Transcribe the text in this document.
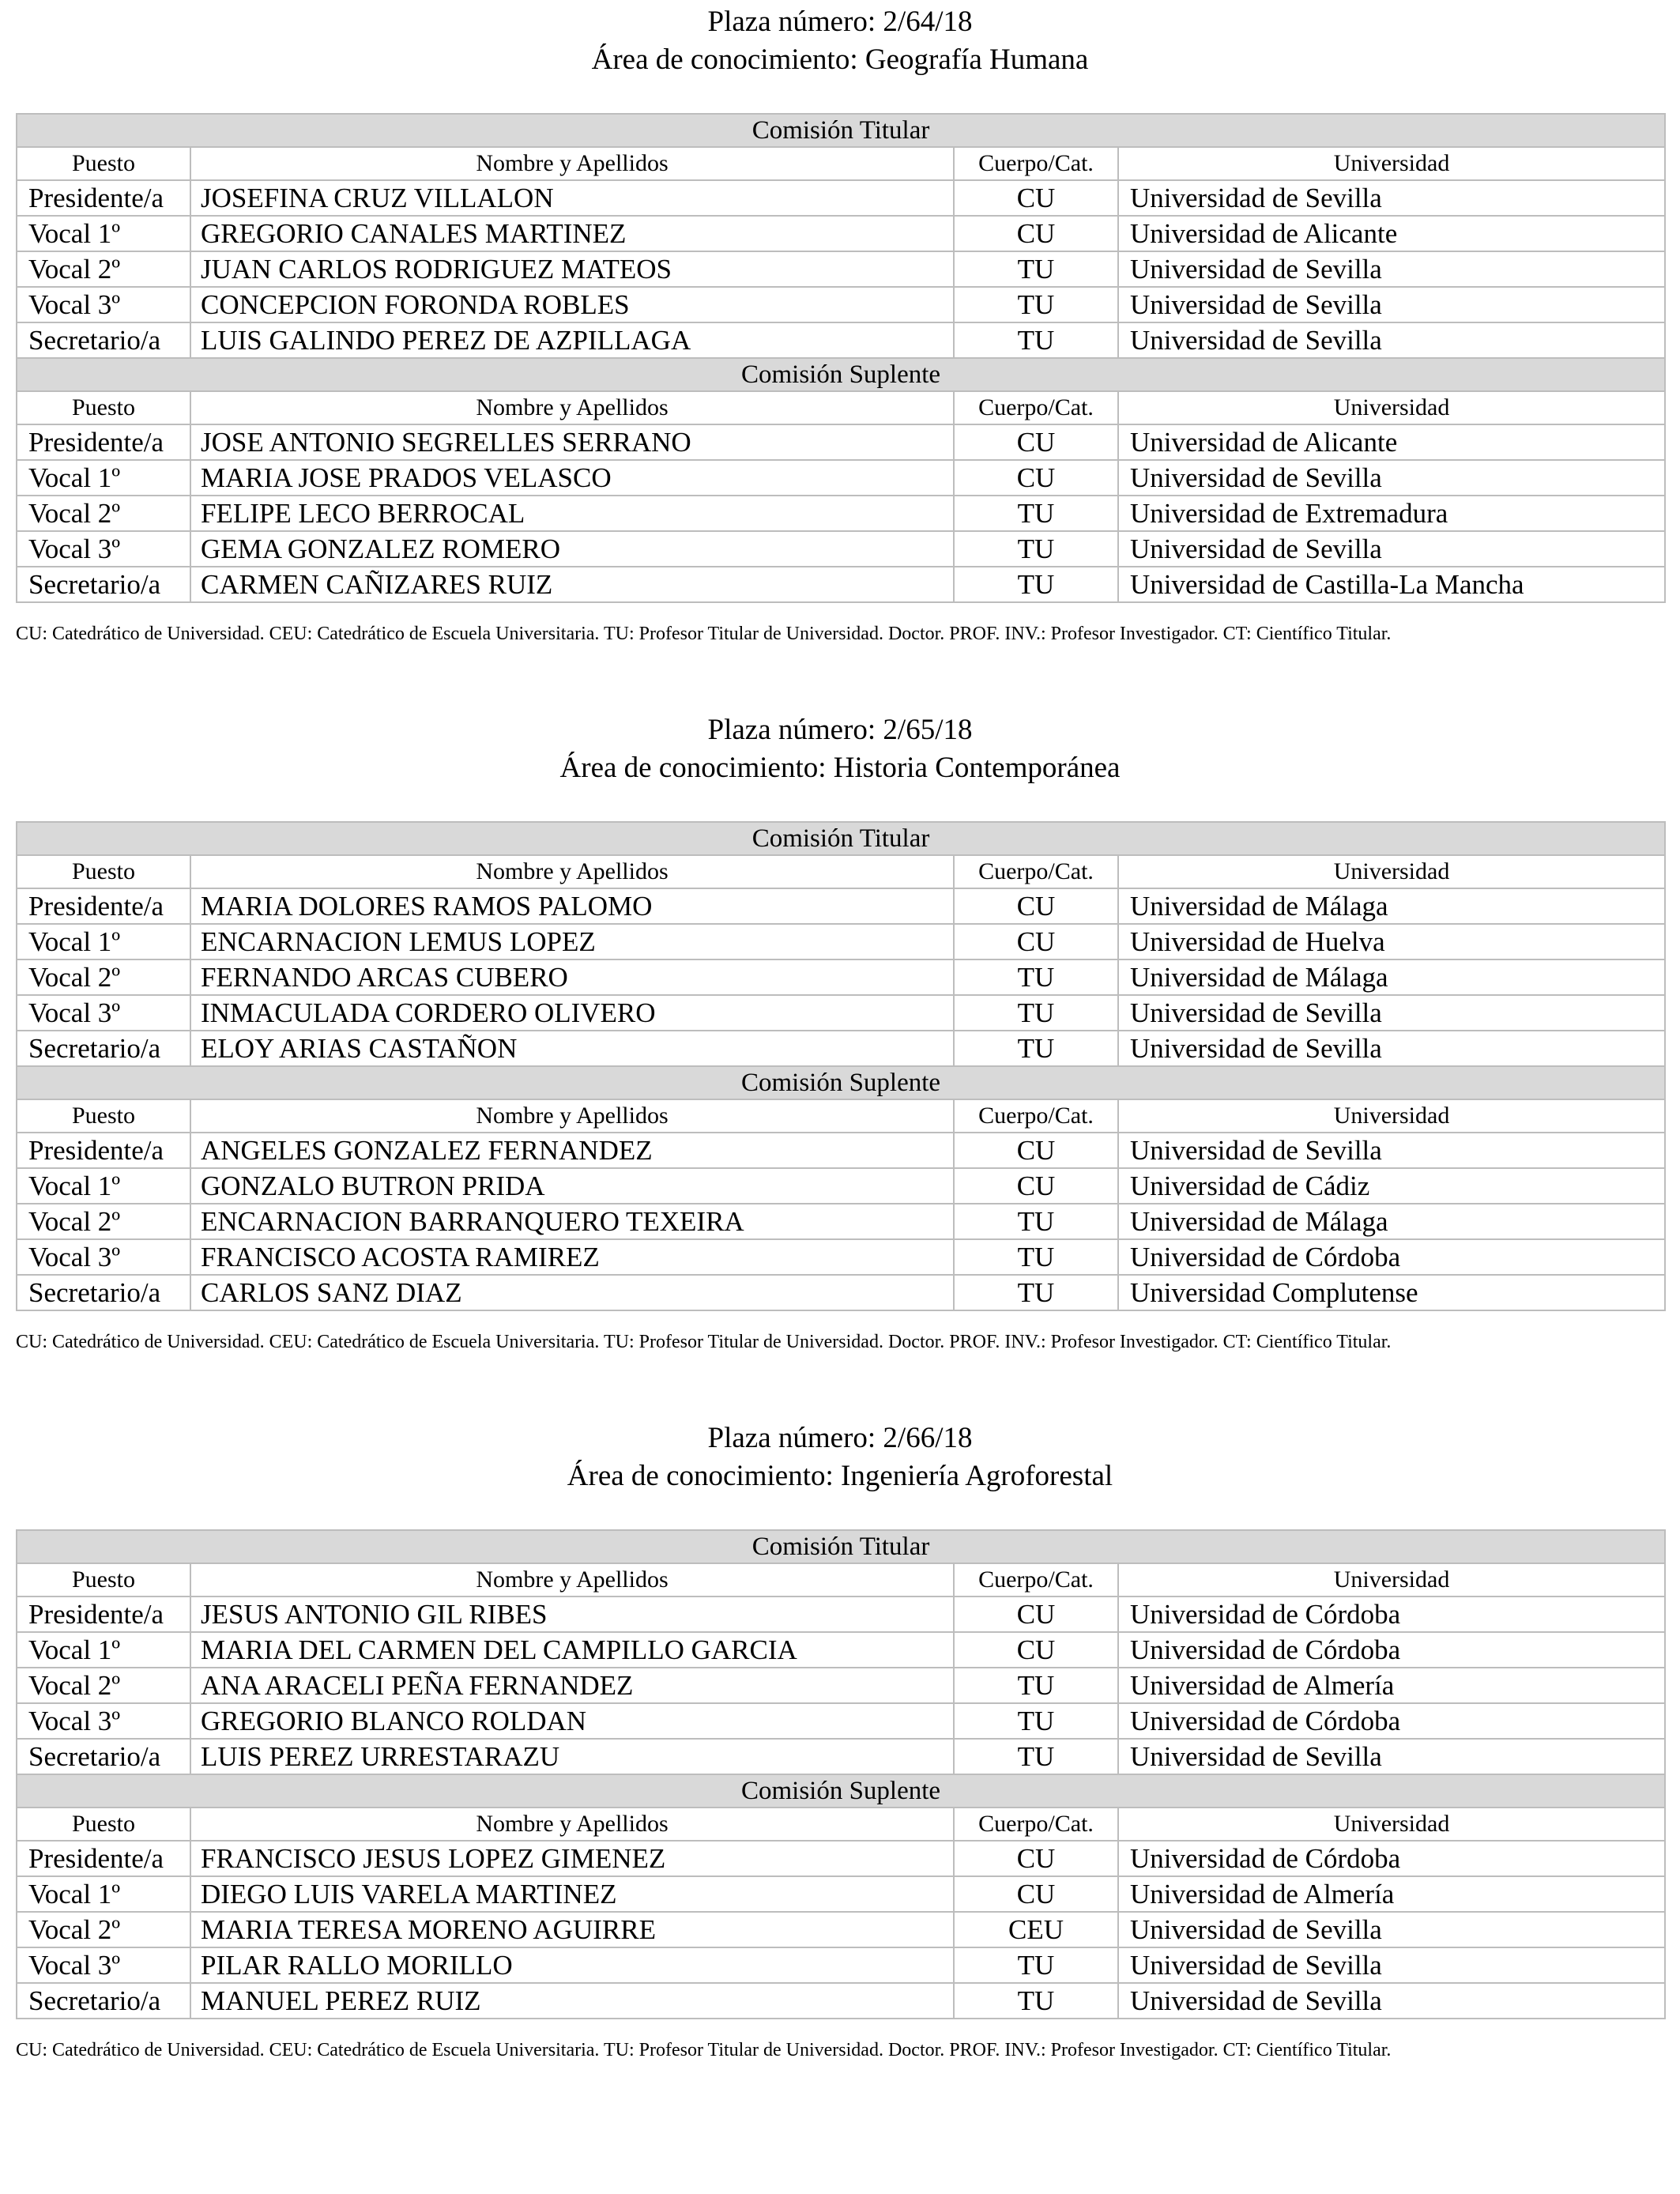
Plaza número: 2/64/18
Área de conocimiento: Geografía Humana
Comisión Titular			
Puesto	Nombre y Apellidos	Cuerpo/Cat.	Universidad
Presidente/a	JOSEFINA CRUZ VILLALON	CU	Universidad de Sevilla
Vocal 1º	GREGORIO CANALES MARTINEZ	CU	Universidad de Alicante
Vocal 2º	JUAN CARLOS RODRIGUEZ MATEOS	TU	Universidad de Sevilla
Vocal 3º	CONCEPCION FORONDA ROBLES	TU	Universidad de Sevilla
Secretario/a	LUIS GALINDO PEREZ DE AZPILLAGA	TU	Universidad de Sevilla
Comisión Suplente			
Puesto	Nombre y Apellidos	Cuerpo/Cat.	Universidad
Presidente/a	JOSE ANTONIO SEGRELLES SERRANO	CU	Universidad de Alicante
Vocal 1º	MARIA JOSE PRADOS VELASCO	CU	Universidad de Sevilla
Vocal 2º	FELIPE LECO BERROCAL	TU	Universidad de Extremadura
Vocal 3º	GEMA GONZALEZ ROMERO	TU	Universidad de Sevilla
Secretario/a	CARMEN CAÑIZARES RUIZ	TU	Universidad de Castilla-La Mancha
CU: Catedrático de Universidad. CEU: Catedrático de Escuela Universitaria. TU: Profesor Titular de Universidad. Doctor. PROF. INV.: Profesor Investigador. CT: Científico Titular.
Plaza número: 2/65/18
Área de conocimiento: Historia Contemporánea
Comisión Titular			
Puesto	Nombre y Apellidos	Cuerpo/Cat.	Universidad
Presidente/a	MARIA DOLORES RAMOS PALOMO	CU	Universidad de Málaga
Vocal 1º	ENCARNACION LEMUS LOPEZ	CU	Universidad de Huelva
Vocal 2º	FERNANDO ARCAS CUBERO	TU	Universidad de Málaga
Vocal 3º	INMACULADA CORDERO OLIVERO	TU	Universidad de Sevilla
Secretario/a	ELOY ARIAS CASTAÑON	TU	Universidad de Sevilla
Comisión Suplente			
Puesto	Nombre y Apellidos	Cuerpo/Cat.	Universidad
Presidente/a	ANGELES GONZALEZ FERNANDEZ	CU	Universidad de Sevilla
Vocal 1º	GONZALO BUTRON PRIDA	CU	Universidad de Cádiz
Vocal 2º	ENCARNACION BARRANQUERO TEXEIRA	TU	Universidad de Málaga
Vocal 3º	FRANCISCO ACOSTA RAMIREZ	TU	Universidad de Córdoba
Secretario/a	CARLOS SANZ DIAZ	TU	Universidad Complutense
CU: Catedrático de Universidad. CEU: Catedrático de Escuela Universitaria. TU: Profesor Titular de Universidad. Doctor. PROF. INV.: Profesor Investigador. CT: Científico Titular.
Plaza número: 2/66/18
Área de conocimiento: Ingeniería Agroforestal
Comisión Titular			
Puesto	Nombre y Apellidos	Cuerpo/Cat.	Universidad
Presidente/a	JESUS ANTONIO GIL RIBES	CU	Universidad de Córdoba
Vocal 1º	MARIA DEL CARMEN DEL CAMPILLO GARCIA	CU	Universidad de Córdoba
Vocal 2º	ANA ARACELI PEÑA FERNANDEZ	TU	Universidad de Almería
Vocal 3º	GREGORIO BLANCO ROLDAN	TU	Universidad de Córdoba
Secretario/a	LUIS PEREZ URRESTARAZU	TU	Universidad de Sevilla
Comisión Suplente			
Puesto	Nombre y Apellidos	Cuerpo/Cat.	Universidad
Presidente/a	FRANCISCO JESUS LOPEZ GIMENEZ	CU	Universidad de Córdoba
Vocal 1º	DIEGO LUIS VARELA MARTINEZ	CU	Universidad de Almería
Vocal 2º	MARIA TERESA MORENO AGUIRRE	CEU	Universidad de Sevilla
Vocal 3º	PILAR RALLO MORILLO	TU	Universidad de Sevilla
Secretario/a	MANUEL PEREZ RUIZ	TU	Universidad de Sevilla
CU: Catedrático de Universidad. CEU: Catedrático de Escuela Universitaria. TU: Profesor Titular de Universidad. Doctor. PROF. INV.: Profesor Investigador. CT: Científico Titular.
